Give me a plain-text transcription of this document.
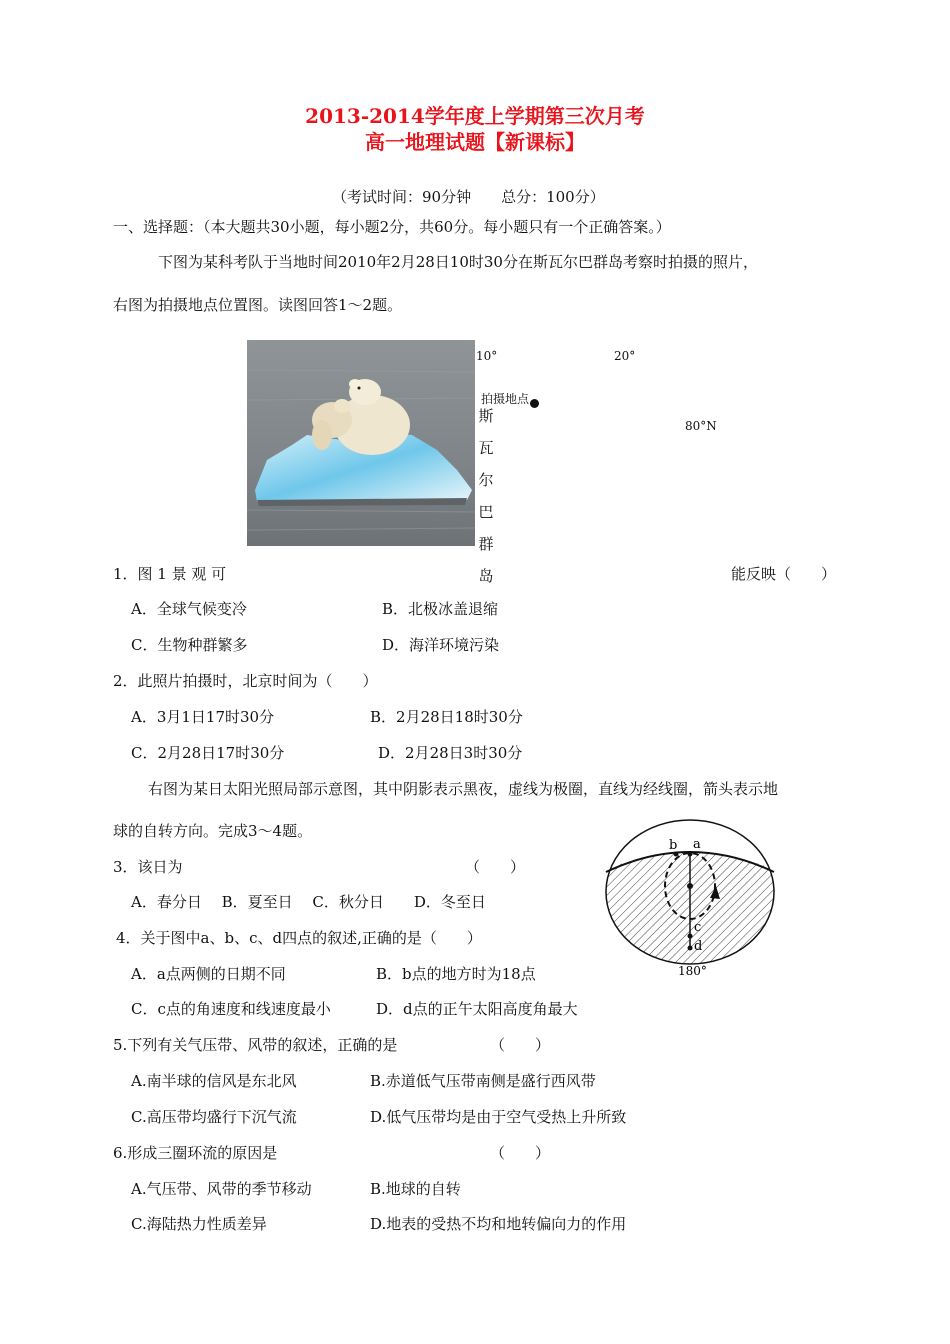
2013-2014学年度上学期第三次月考
高一地理试题【新课标】
（考试时间：90分钟　　总分：100分）
一、选择题：（本大题共30小题，每小题2分，共60分。每小题只有一个正确答案。）
下图为某科考队于当地时间2010年2月28日10时30分在斯瓦尔巴群岛考察时拍摄的照片，
右图为拍摄地点位置图。读图回答1～2题。
10°	20°
拍摄地点
80°N
斯
瓦
尔
巴
群
岛
1．图 1 景 观 可	能反映（　　）
A．全球气候变冷	B．北极冰盖退缩
C．生物种群繁多	D．海洋环境污染
2．此照片拍摄时，北京时间为（　　）
A．3月1日17时30分	B．2月28日18时30分
C．2月28日17时30分	D．2月28日3时30分
右图为某日太阳光照局部示意图，其中阴影表示黑夜，虚线为极圈，直线为经线圈，箭头表示地
球的自转方向。完成3～4题。
3．该日为	（　　）
A．春分日　 B．夏至日　 C．秋分日　　D．冬至日
4．关于图中a、b、c、d四点的叙述,正确的是（　　）
A．a点两侧的日期不同	B．b点的地方时为18点
C．c点的角速度和线速度最小	D．d点的正午太阳高度角最大
5.下列有关气压带、风带的叙述，正确的是	（　　）
A.南半球的信风是东北风	B.赤道低气压带南侧是盛行西风带
C.高压带均盛行下沉气流	D.低气压带均是由于空气受热上升所致
6.形成三圈环流的原因是	（　　）
A.气压带、风带的季节移动	B.地球的自转
C.海陆热力性质差异	D.地表的受热不均和地转偏向力的作用
b a
c
d
180°
